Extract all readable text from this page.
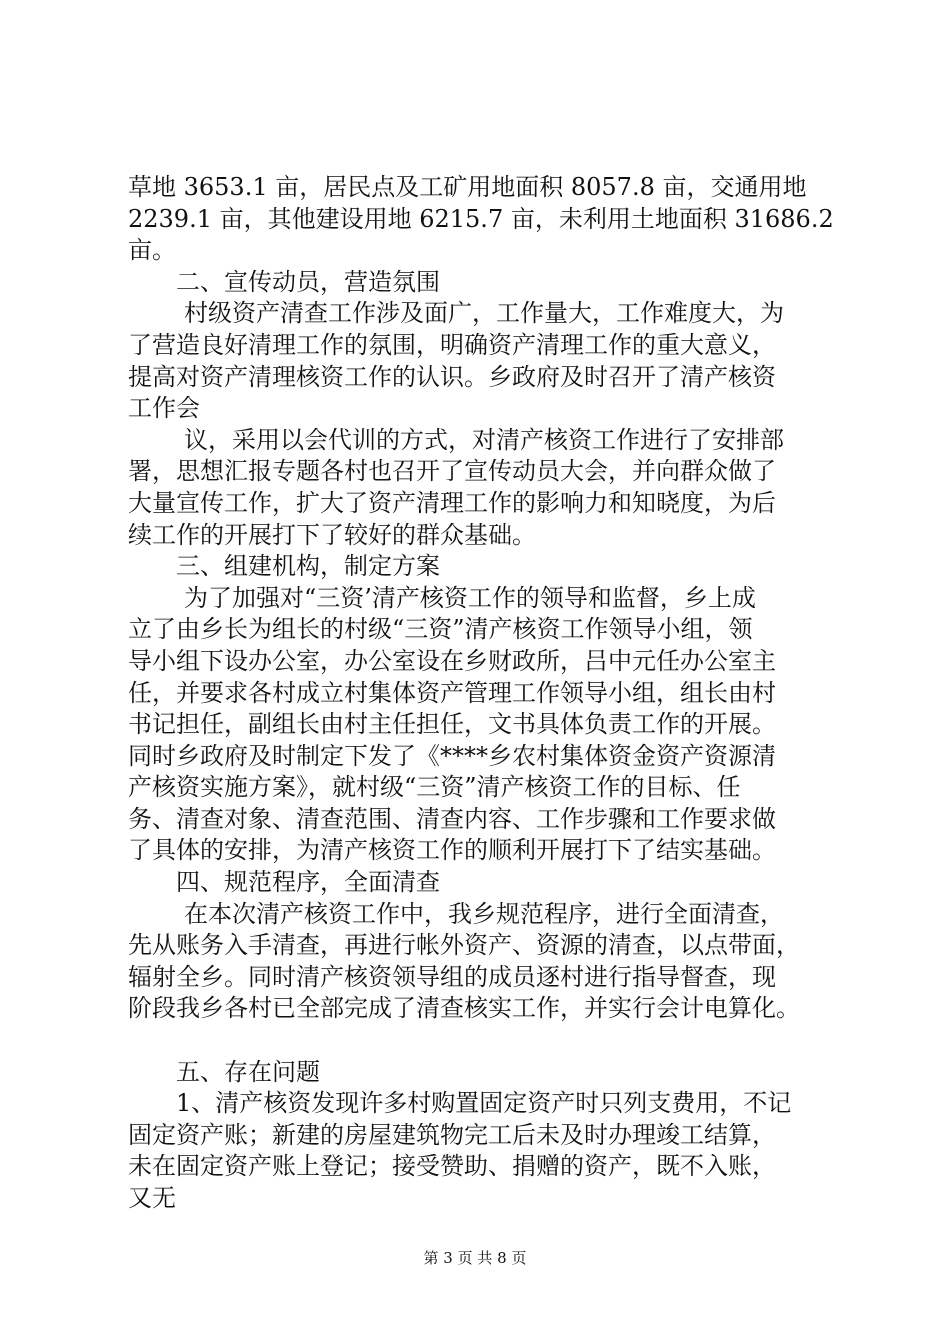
草地 3653.1 亩，居民点及工矿用地面积 8057.8 亩，交通用地
2239.1 亩，其他建设用地 6215.7 亩，未利用土地面积 31686.2
亩。
二、宣传动员，营造氛围
村级资产清查工作涉及面广，工作量大，工作难度大，为
了营造良好清理工作的氛围，明确资产清理工作的重大意义，
提高对资产清理核资工作的认识。乡政府及时召开了清产核资
工作会
议，采用以会代训的方式，对清产核资工作进行了安排部
署，思想汇报专题各村也召开了宣传动员大会，并向群众做了
大量宣传工作，扩大了资产清理工作的影响力和知晓度，为后
续工作的开展打下了较好的群众基础。
三、组建机构，制定方案
为了加强对“三资’清产核资工作的领导和监督，乡上成
立了由乡长为组长的村级“三资”清产核资工作领导小组，领
导小组下设办公室，办公室设在乡财政所，吕中元任办公室主
任，并要求各村成立村集体资产管理工作领导小组，组长由村
书记担任，副组长由村主任担任，文书具体负责工作的开展。
同时乡政府及时制定下发了《****乡农村集体资金资产资源清
产核资实施方案》，就村级“三资”清产核资工作的目标、任
务、清查对象、清查范围、清查内容、工作步骤和工作要求做
了具体的安排，为清产核资工作的顺利开展打下了结实基础。
四、规范程序，全面清查
在本次清产核资工作中，我乡规范程序，进行全面清查，
先从账务入手清查，再进行帐外资产、资源的清查，以点带面，
辐射全乡。同时清产核资领导组的成员逐村进行指导督查，现
阶段我乡各村已全部完成了清查核实工作，并实行会计电算化。
五、存在问题
1、清产核资发现许多村购置固定资产时只列支费用，不记
固定资产账；新建的房屋建筑物完工后未及时办理竣工结算，
未在固定资产账上登记；接受赞助、捐赠的资产，既不入账，
又无
第 3 页 共 8 页
